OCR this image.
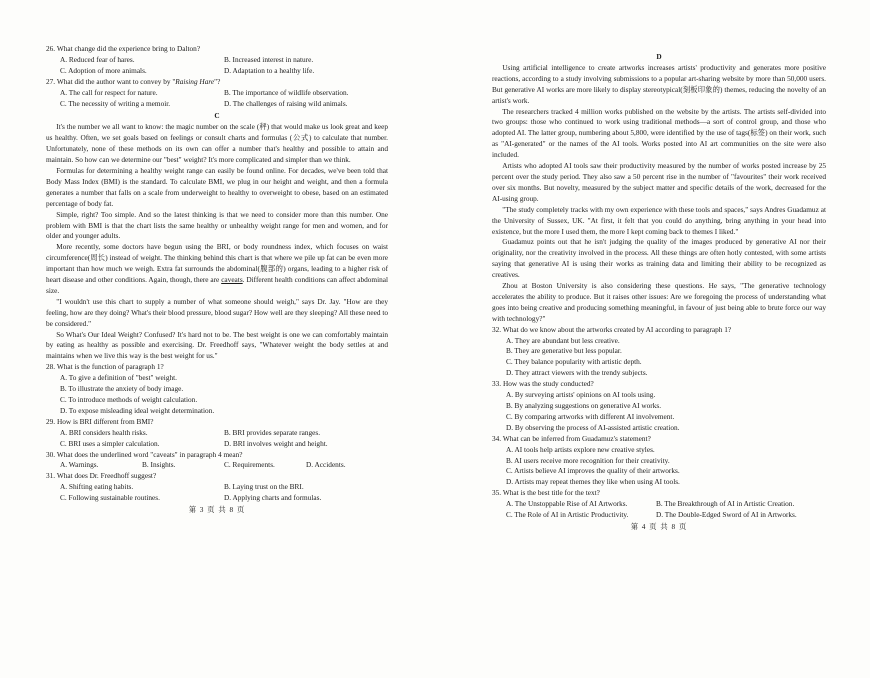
26. What change did the experience bring to Dalton?

A. Reduced fear of hares.	B. Increased interest in nature.
C. Adoption of more animals.	D. Adaptation to a healthy life.

27. What did the author want to convey by "Raising Hare"?

A. The call for respect for nature.	B. The importance of wildlife observation.
C. The necessity of writing a memoir.	D. The challenges of raising wild animals.

C

It's the number we all want to know: the magic number on the scale (秤) that would make us look great and keep us healthy. Often, we set goals based on feelings or consult charts and formulas (公式) to calculate that number. Unfortunately, none of these methods on its own can offer a number that's healthy and possible to attain and maintain. So how can we determine our "best" weight? It's more complicated and simpler than we think.

Formulas for determining a healthy weight range can easily be found online. For decades, we've been told that Body Mass Index (BMI) is the standard. To calculate BMI, we plug in our height and weight, and then a formula generates a number that falls on a scale from underweight to healthy to overweight to obese, based on an estimated percentage of body fat.

Simple, right? Too simple. And so the latest thinking is that we need to consider more than this number. One problem with BMI is that the chart lists the same healthy or unhealthy weight range for men and women, and for older and younger adults.

More recently, some doctors have begun using the BRI, or body roundness index, which focuses on waist circumference(周长) instead of weight. The thinking behind this chart is that where we pile up fat can be even more important than how much we weigh. Extra fat surrounds the abdominal(腹部的) organs, leading to a higher risk of heart disease and other conditions. Again, though, there are caveats. Different health conditions can affect abdominal size.

"I wouldn't use this chart to supply a number of what someone should weigh," says Dr. Jay. "How are they feeling, how are they doing? What's their blood pressure, blood sugar? How well are they sleeping? All these need to be considered."

So What's Our Ideal Weight? Confused? It's hard not to be. The best weight is one we can comfortably maintain by eating as healthy as possible and exercising. Dr. Freedhoff says, "Whatever weight the body settles at and maintains when we live this way is the best weight for us."

28. What is the function of paragraph 1?

A. To give a definition of "best" weight.
B. To illustrate the anxiety of body image.
C. To introduce methods of weight calculation.
D. To expose misleading ideal weight determination.

29. How is BRI different from BMI?

A. BRI considers health risks.	B. BRI provides separate ranges.
C. BRI uses a simpler calculation.	D. BRI involves weight and height.

30. What does the underlined word "caveats" in paragraph 4 mean?

A. Warnings.	B. Insights.	C. Requirements.	D. Accidents.

31. What does Dr. Freedhoff suggest?

A. Shifting eating habits.	B. Laying trust on the BRI.
C. Following sustainable routines.	D. Applying charts and formulas.

第 3 页 共 8 页

D

Using artificial intelligence to create artworks increases artists' productivity and generates more positive reactions, according to a study involving submissions to a popular art-sharing website by more than 50,000 users. But generative AI works are more likely to display stereotypical(刻板印象的) themes, reducing the novelty of an artist's work.

The researchers tracked 4 million works published on the website by the artists. The artists self-divided into two groups: those who continued to work using traditional methods—a sort of control group, and those who adopted AI. The latter group, numbering about 5,800, were identified by the use of tags(标签) on their work, such as "AI-generated" or the names of the AI tools. Works posted into AI art communities on the site were also included.

Artists who adopted AI tools saw their productivity measured by the number of works posted increase by 25 percent over the study period. They also saw a 50 percent rise in the number of "favourites" their work received over six months. But novelty, measured by the subject matter and specific details of the work, decreased for the AI-using group.

"The study completely tracks with my own experience with these tools and spaces," says Andres Guadamuz at the University of Sussex, UK. "At first, it felt that you could do anything, bring anything in your head into existence, but the more I used them, the more I kept coming back to themes I liked."

Guadamuz points out that he isn't judging the quality of the images produced by generative AI nor their originality, nor the creativity involved in the process. All these things are often hotly contested, with some artists saying that generative AI is using their works as training data and limiting their ability to be recognized as creatives.

Zhou at Boston University is also considering these questions. He says, "The generative technology accelerates the ability to produce. But it raises other issues: Are we foregoing the process of understanding what goes into being creative and producing something meaningful, in favour of just being able to brute force our way with technology?"

32. What do we know about the artworks created by AI according to paragraph 1?

A. They are abundant but less creative.
B. They are generative but less popular.
C. They balance popularity with artistic depth.
D. They attract viewers with the trendy subjects.

33. How was the study conducted?

A. By surveying artists' opinions on AI tools using.
B. By analyzing suggestions on generative AI works.
C. By comparing artworks with different AI involvement.
D. By observing the process of AI-assisted artistic creation.

34. What can be inferred from Guadamuz's statement?

A. AI tools help artists explore new creative styles.
B. AI users receive more recognition for their creativity.
C. Artists believe AI improves the quality of their artworks.
D. Artists may repeat themes they like when using AI tools.

35. What is the best title for the text?

A. The Unstoppable Rise of AI Artworks.	B. The Breakthrough of AI in Artistic Creation.
C. The Role of AI in Artistic Productivity.	D. The Double-Edged Sword of AI in Artworks.

第 4 页 共 8 页
